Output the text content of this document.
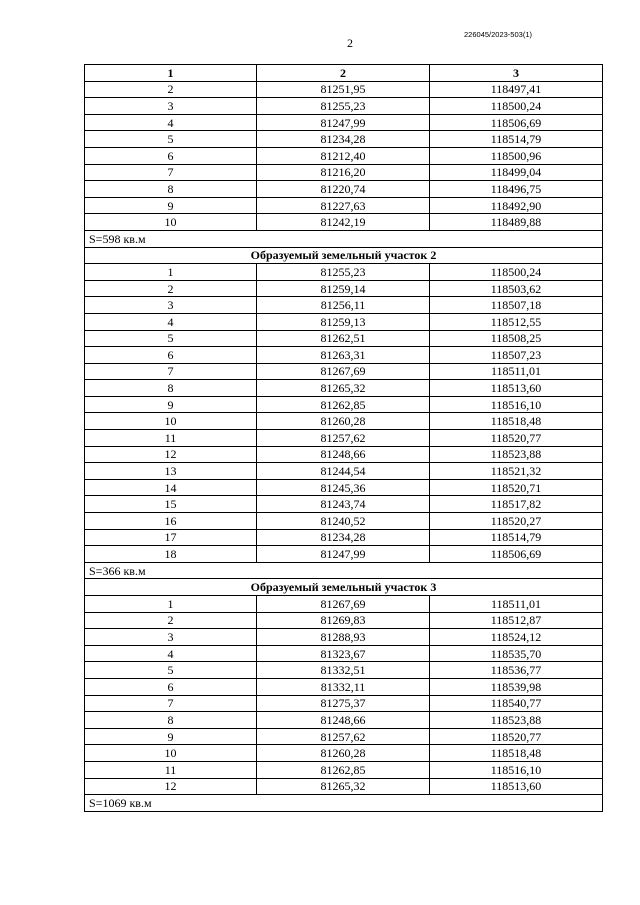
226045/2023-503(1)
2
1	2	3
2	81251,95	118497,41
3	81255,23	118500,24
4	81247,99	118506,69
5	81234,28	118514,79
6	81212,40	118500,96
7	81216,20	118499,04
8	81220,74	118496,75
9	81227,63	118492,90
10	81242,19	118489,88
S=598 кв.м		
Образуемый земельный участок 2		
1	81255,23	118500,24
2	81259,14	118503,62
3	81256,11	118507,18
4	81259,13	118512,55
5	81262,51	118508,25
6	81263,31	118507,23
7	81267,69	118511,01
8	81265,32	118513,60
9	81262,85	118516,10
10	81260,28	118518,48
11	81257,62	118520,77
12	81248,66	118523,88
13	81244,54	118521,32
14	81245,36	118520,71
15	81243,74	118517,82
16	81240,52	118520,27
17	81234,28	118514,79
18	81247,99	118506,69
S=366 кв.м		
Образуемый земельный участок 3		
1	81267,69	118511,01
2	81269,83	118512,87
3	81288,93	118524,12
4	81323,67	118535,70
5	81332,51	118536,77
6	81332,11	118539,98
7	81275,37	118540,77
8	81248,66	118523,88
9	81257,62	118520,77
10	81260,28	118518,48
11	81262,85	118516,10
12	81265,32	118513,60
S=1069 кв.м		
